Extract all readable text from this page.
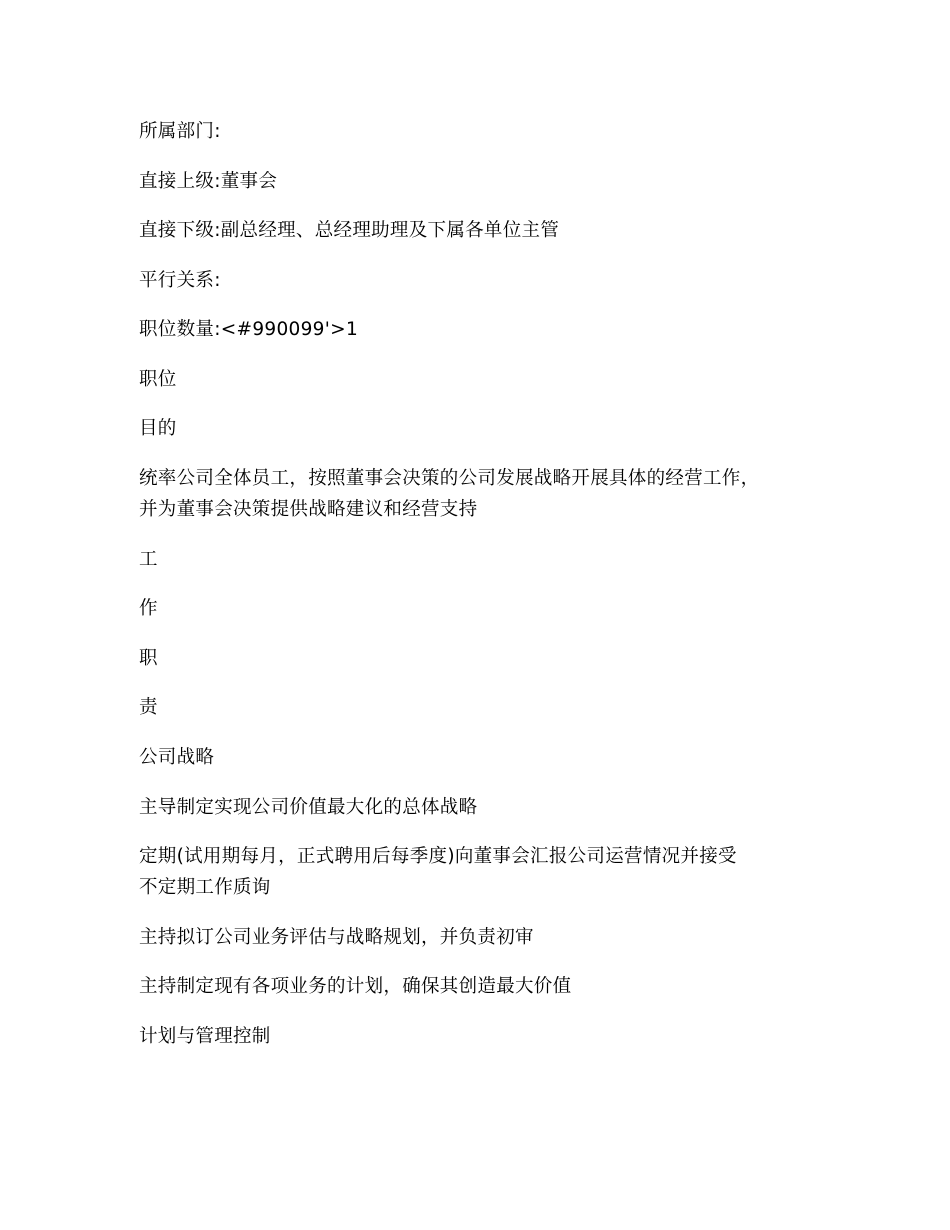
所属部门:
直接上级:董事会
直接下级:副总经理、总经理助理及下属各单位主管
平行关系:
职位数量:<#990099'>1
职位
目的
统率公司全体员工，按照董事会决策的公司发展战略开展具体的经营工作，
并为董事会决策提供战略建议和经营支持
工
作
职
责
公司战略
主导制定实现公司价值最大化的总体战略
定期(试用期每月，正式聘用后每季度)向董事会汇报公司运营情况并接受
不定期工作质询
主持拟订公司业务评估与战略规划，并负责初审
主持制定现有各项业务的计划，确保其创造最大价值
计划与管理控制
